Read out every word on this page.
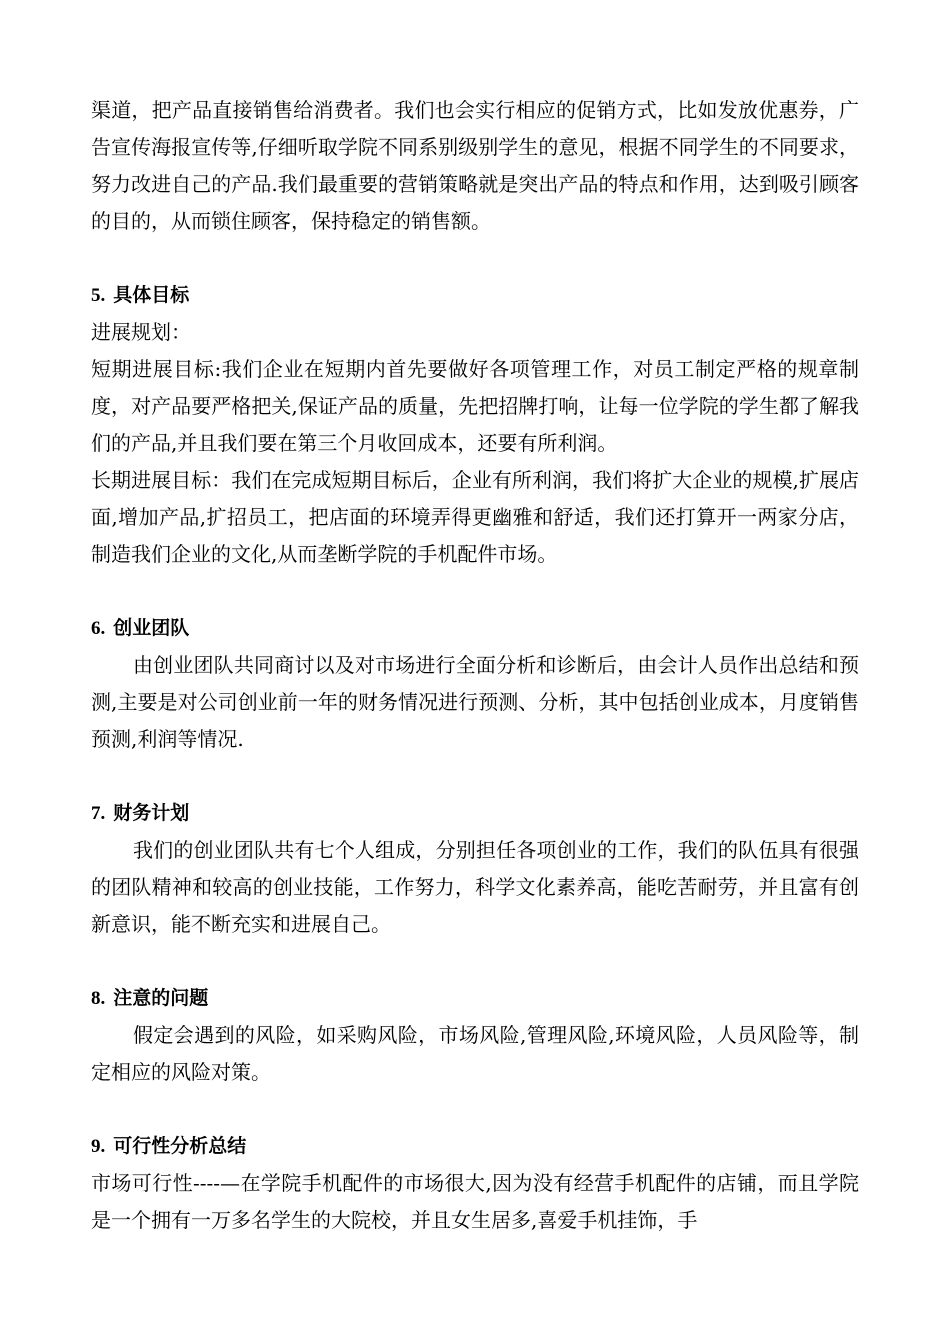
渠道，把产品直接销售给消费者。我们也会实行相应的促销方式，比如发放优惠券，广告宣传海报宣传等,仔细听取学院不同系别级别学生的意见，根据不同学生的不同要求，努力改进自己的产品.我们最重要的营销策略就是突出产品的特点和作用，达到吸引顾客的目的，从而锁住顾客，保持稳定的销售额。

5. 具体目标

进展规划：

短期进展目标:我们企业在短期内首先要做好各项管理工作，对员工制定严格的规章制度，对产品要严格把关,保证产品的质量，先把招牌打响，让每一位学院的学生都了解我们的产品,并且我们要在第三个月收回成本，还要有所利润。

长期进展目标：我们在完成短期目标后，企业有所利润，我们将扩大企业的规模,扩展店面,增加产品,扩招员工，把店面的环境弄得更幽雅和舒适，我们还打算开一两家分店，制造我们企业的文化,从而垄断学院的手机配件市场。

6. 创业团队

由创业团队共同商讨以及对市场进行全面分析和诊断后，由会计人员作出总结和预测,主要是对公司创业前一年的财务情况进行预测、分析，其中包括创业成本，月度销售预测,利润等情况.

7. 财务计划

我们的创业团队共有七个人组成，分别担任各项创业的工作，我们的队伍具有很强的团队精神和较高的创业技能，工作努力，科学文化素养高，能吃苦耐劳，并且富有创新意识，能不断充实和进展自己。

8. 注意的问题

假定会遇到的风险，如采购风险，市场风险,管理风险,环境风险，人员风险等，制定相应的风险对策。

9. 可行性分析总结

市场可行性----—在学院手机配件的市场很大,因为没有经营手机配件的店铺，而且学院是一个拥有一万多名学生的大院校，并且女生居多,喜爱手机挂饰，手
